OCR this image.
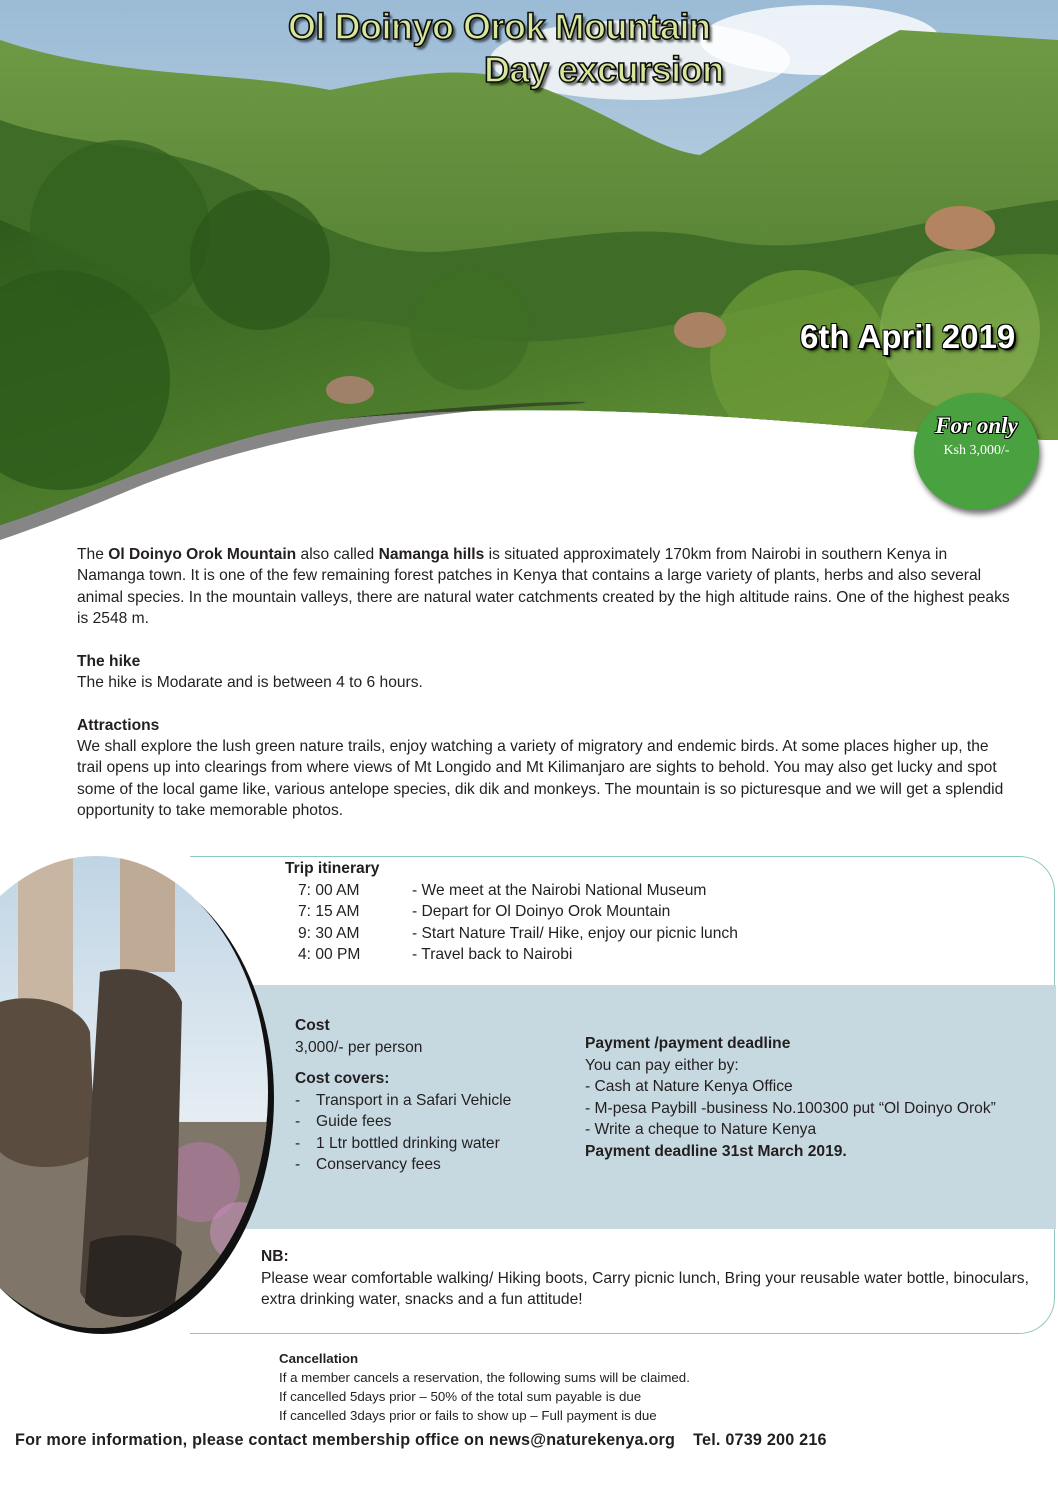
Ol Doinyo Orok Mountain
Day excursion
6th April 2019
For only
Ksh 3,000/-
The Ol Doinyo Orok Mountain also called Namanga hills is situated approximately 170km from Nairobi in southern Kenya in Namanga town. It is one of the few remaining forest patches in Kenya that contains a large variety of plants, herbs and also several animal species. In the mountain valleys, there are natural water catchments created by the high altitude rains. One of the highest peaks is 2548 m.
The hike

The hike is Modarate and is between 4 to 6 hours.

Attractions

We shall explore the lush green nature trails, enjoy watching a variety of migratory and endemic birds. At some places higher up, the trail opens up into clearings from where views of Mt Longido and Mt Kilimanjaro are sights to behold. You may also get lucky and spot some of the local game like, various antelope species, dik dik and monkeys. The mountain is so picturesque and we will get a splendid opportunity to take memorable photos.

Trip itinerary
7: 00 AM	- We meet at the Nairobi National Museum
7: 15 AM	- Depart for Ol Doinyo Orok Mountain
9: 30 AM	- Start Nature Trail/ Hike, enjoy our picnic lunch
4: 00 PM	- Travel back to Nairobi
Cost
3,000/- per person
Cost covers:
-	Transport in a Safari Vehicle
-	Guide fees
-	1 Ltr bottled drinking water
-	Conservancy fees
Payment /payment deadline
You can pay either by:
- Cash at Nature Kenya Office
- M-pesa Paybill -business No.100300 put “Ol Doinyo Orok”
- Write a cheque to Nature Kenya
Payment deadline 31st March 2019.
NB:
Please wear comfortable walking/ Hiking boots, Carry picnic lunch, Bring your reusable water bottle, binoculars, extra drinking water, snacks and a fun attitude!
Cancellation
If a member cancels a reservation, the following sums will be claimed.
If cancelled 5days prior – 50% of the total sum payable is due
If cancelled 3days prior or fails to show up – Full payment is due
For more information, please contact membership office on news@naturekenya.org Tel. 0739 200 216
